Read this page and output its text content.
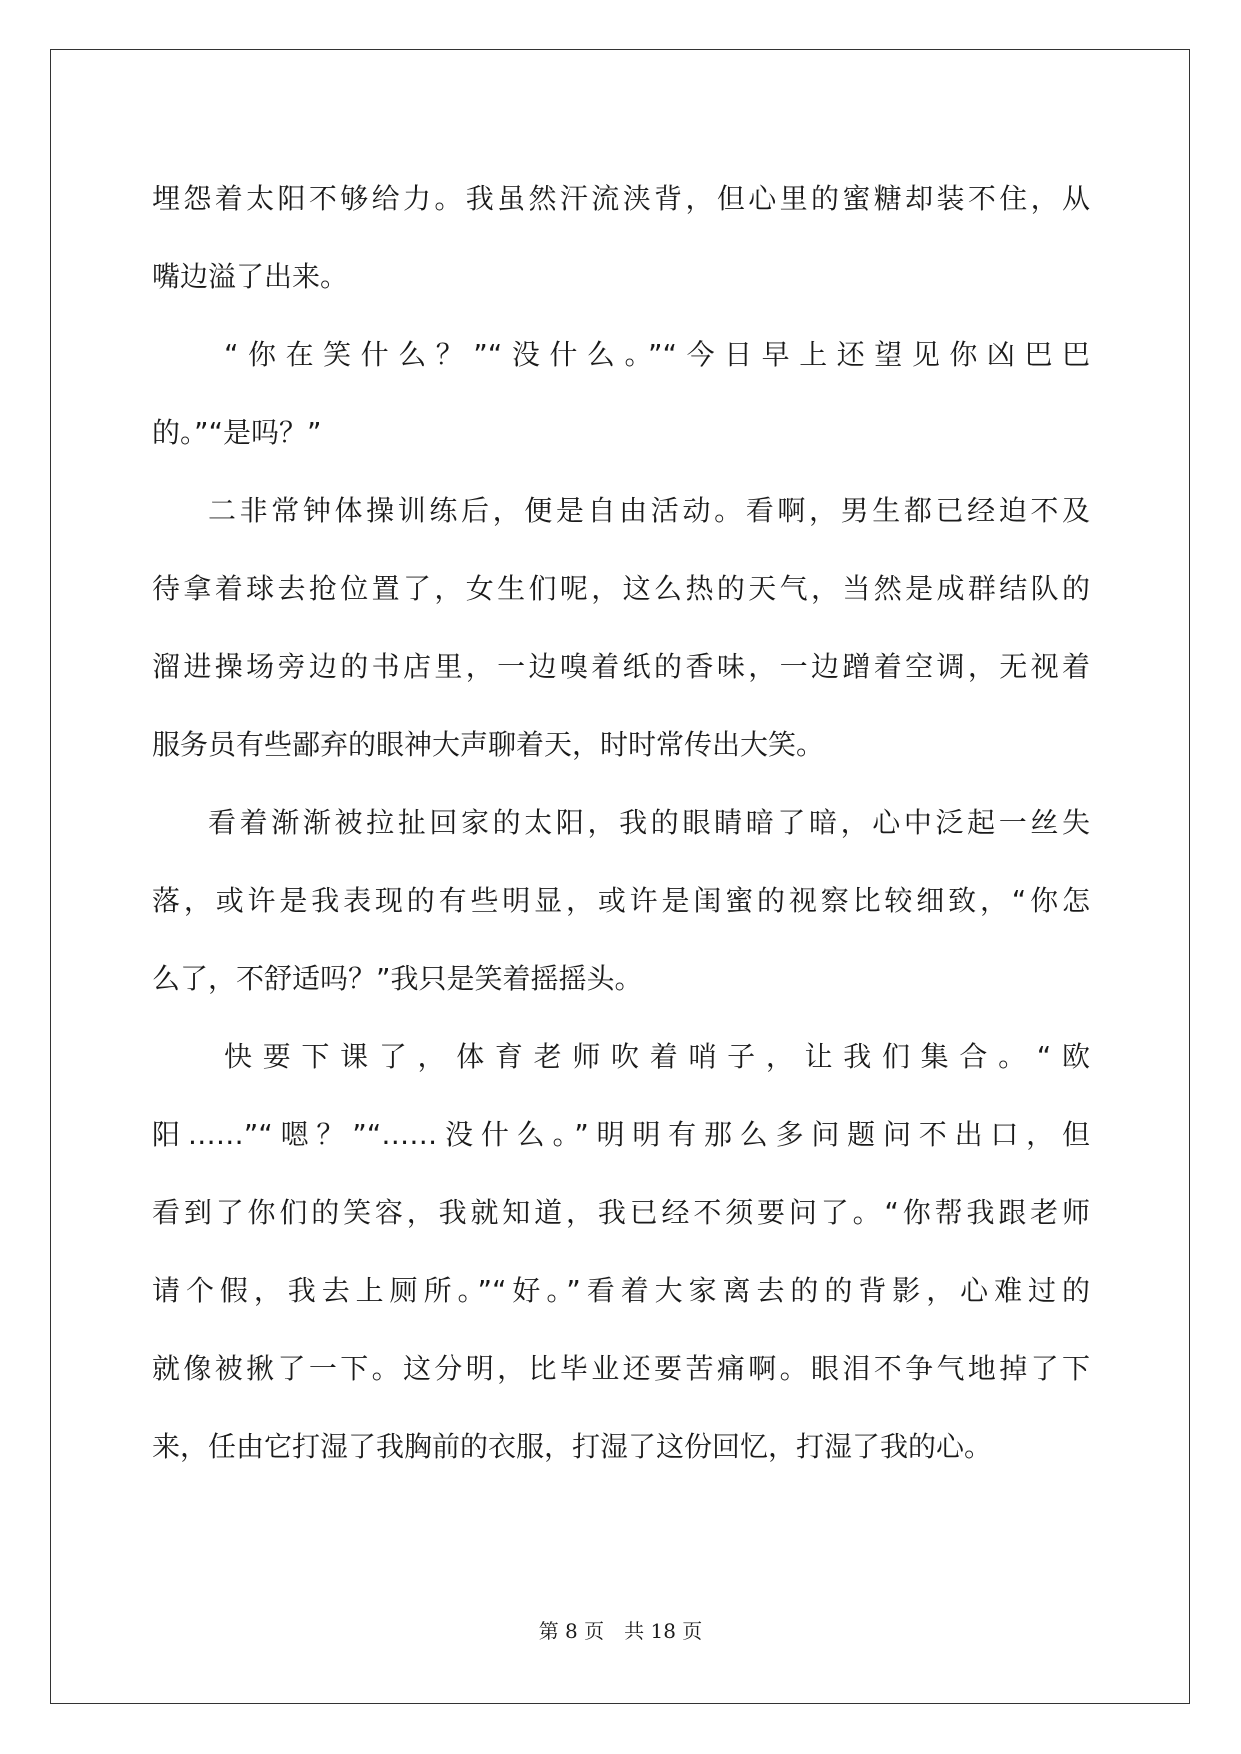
埋怨着太阳不够给力。我虽然汗流浃背，但心里的蜜糖却装不住，从
嘴边溢了出来。
“你在笑什么？”“没什么。”“今日早上还望见你凶巴巴
的。”“是吗？”
二非常钟体操训练后，便是自由活动。看啊，男生都已经迫不及
待拿着球去抢位置了，女生们呢，这么热的天气，当然是成群结队的
溜进操场旁边的书店里，一边嗅着纸的香味，一边蹭着空调，无视着
服务员有些鄙弃的眼神大声聊着天，时时常传出大笑。
看着渐渐被拉扯回家的太阳，我的眼睛暗了暗，心中泛起一丝失
落，或许是我表现的有些明显，或许是闺蜜的视察比较细致，“你怎
么了，不舒适吗？”我只是笑着摇摇头。
快要下课了，体育老师吹着哨子，让我们集合。“欧
阳……”“嗯？”“……没什么。”明明有那么多问题问不出口，但
看到了你们的笑容，我就知道，我已经不须要问了。“你帮我跟老师
请个假，我去上厕所。”“好。”看着大家离去的的背影，心难过的
就像被揪了一下。这分明，比毕业还要苦痛啊。眼泪不争气地掉了下
来，任由它打湿了我胸前的衣服，打湿了这份回忆，打湿了我的心。
第 8 页　共 18 页
